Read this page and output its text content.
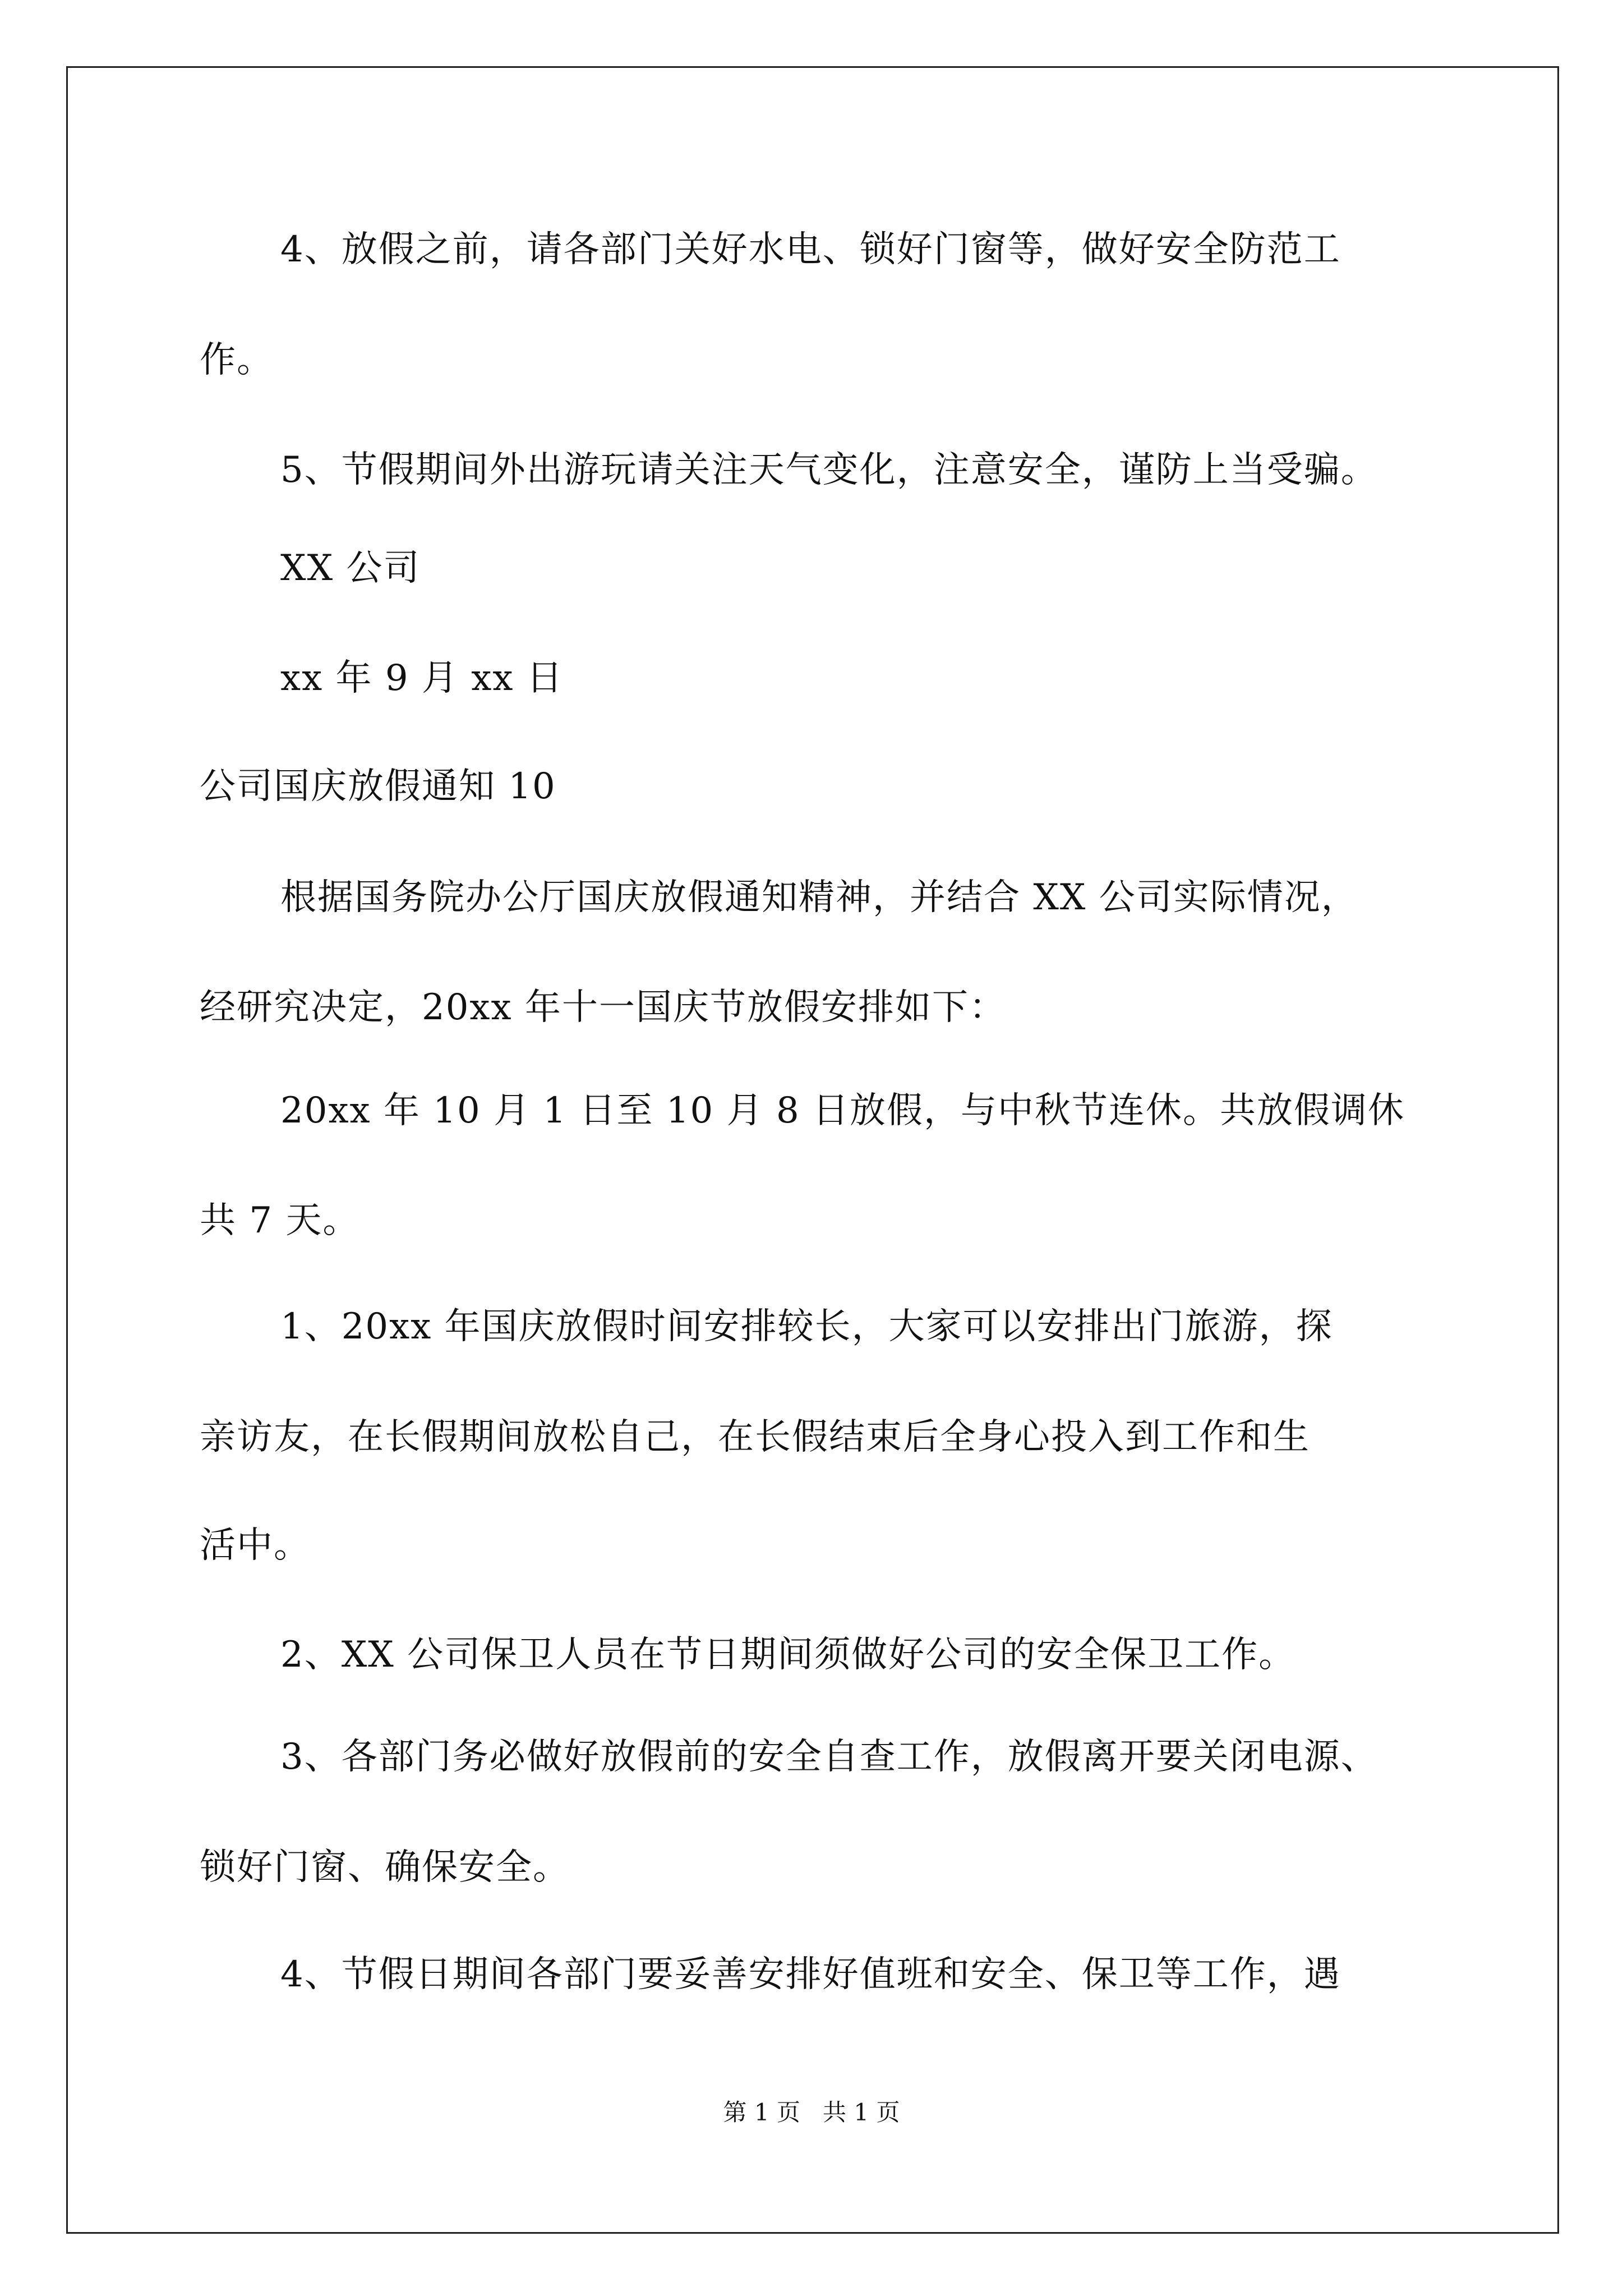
4、放假之前，请各部门关好水电、锁好门窗等，做好安全防范工

作。

5、节假期间外出游玩请关注天气变化，注意安全，谨防上当受骗。

XX 公司

xx 年 9 月 xx 日

公司国庆放假通知 10

根据国务院办公厅国庆放假通知精神，并结合 XX 公司实际情况，

经研究决定，20xx 年十一国庆节放假安排如下：

20xx 年 10 月 1 日至 10 月 8 日放假，与中秋节连休。共放假调休

共 7 天。

1、20xx 年国庆放假时间安排较长，大家可以安排出门旅游，探

亲访友，在长假期间放松自己，在长假结束后全身心投入到工作和生

活中。

2、XX 公司保卫人员在节日期间须做好公司的安全保卫工作。

3、各部门务必做好放假前的安全自查工作，放假离开要关闭电源、

锁好门窗、确保安全。

4、节假日期间各部门要妥善安排好值班和安全、保卫等工作，遇

第 1 页   共 1 页
